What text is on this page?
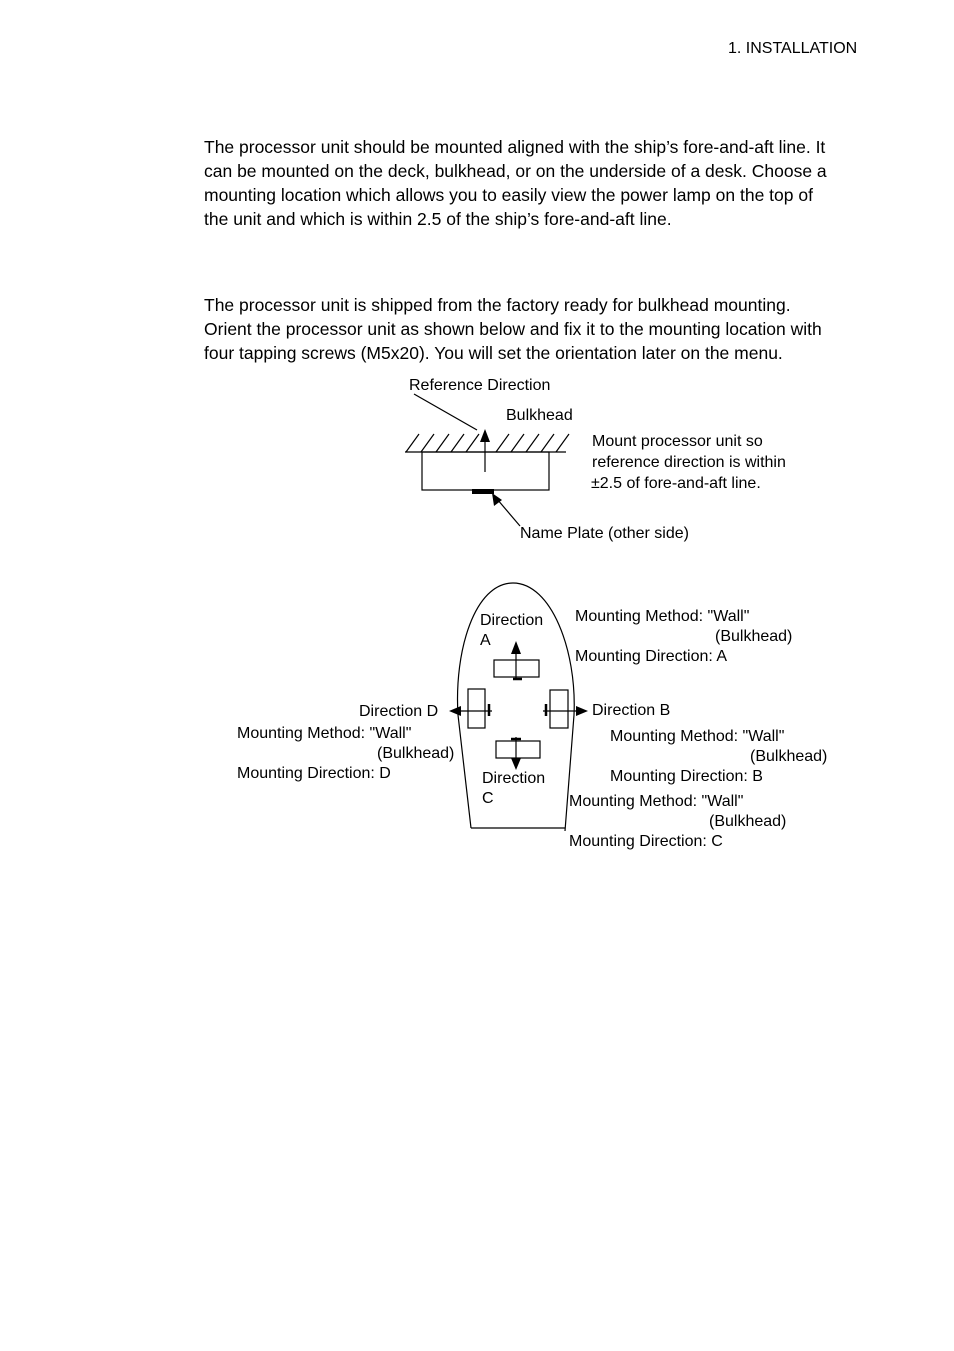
1. INSTALLATION

The processor unit should be mounted aligned with the ship’s fore-and-aft line. It
can be mounted on the deck, bulkhead, or on the underside of a desk. Choose a
mounting location which allows you to easily view the power lamp on the top of
the unit and which is within 2.5 of the ship’s fore-and-aft line.
The processor unit is shipped from the factory ready for bulkhead mounting.
Orient the processor unit as shown below and fix it to the mounting location with
four tapping screws (M5x20). You will set the orientation later on the menu.

Reference Direction

Bulkhead

Mount processor unit so

reference direction is within

±2.5 of fore-and-aft line.

Name Plate (other side)

Direction

A

Mounting Method: "Wall"

(Bulkhead)

Mounting Direction: A

Direction D	Direction B

Mounting Method: "Wall"

(Bulkhead)

Mounting Direction: D

Mounting Method: "Wall"

(Bulkhead)

Mounting Direction: B

Direction

C	Mounting Method: "Wall"

(Bulkhead)

Mounting Direction: C
